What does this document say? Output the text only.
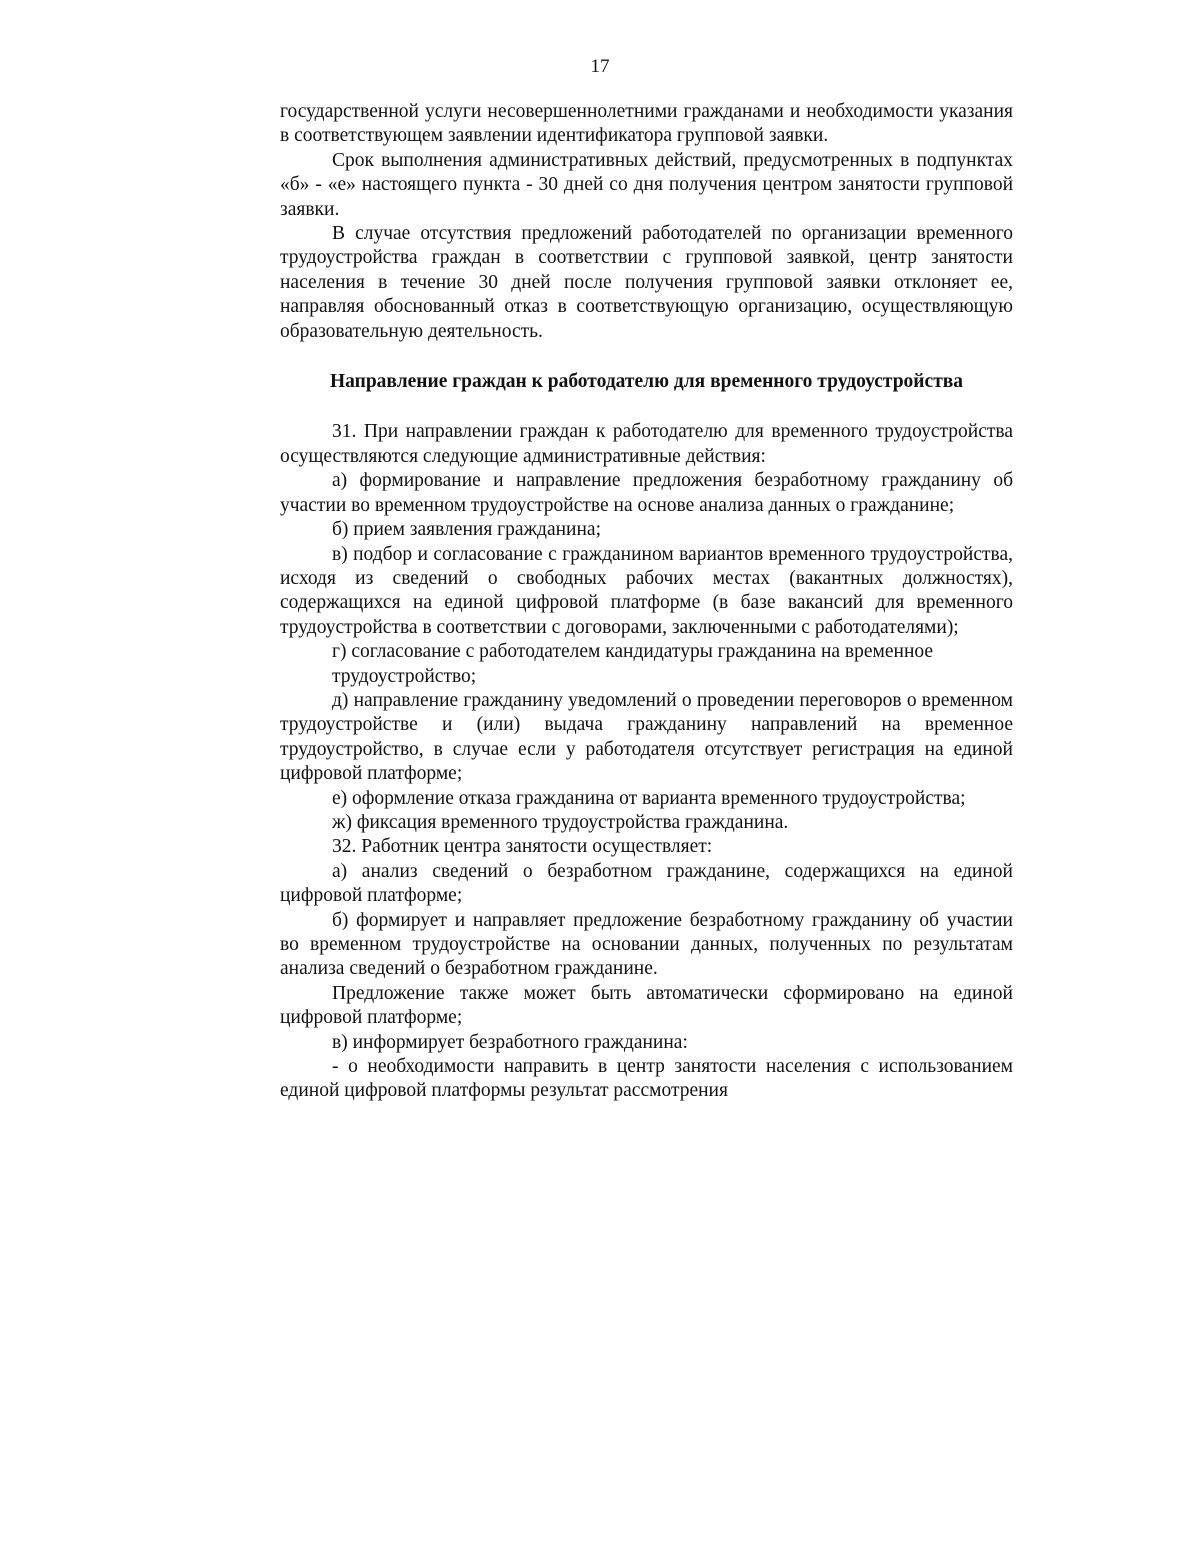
17

государственной услуги несовершеннолетними гражданами и необходимости указания в соответствующем заявлении идентификатора групповой заявки.

Срок выполнения административных действий, предусмотренных в подпунктах «б» - «е» настоящего пункта - 30 дней со дня получения центром занятости групповой заявки.

В случае отсутствия предложений работодателей по организации временного трудоустройства граждан в соответствии с групповой заявкой, центр занятости населения в течение 30 дней после получения групповой заявки отклоняет ее, направляя обоснованный отказ в соответствующую организацию, осуществляющую образовательную деятельность.

Направление граждан к работодателю для временного трудоустройства

31. При направлении граждан к работодателю для временного трудоустройства осуществляются следующие административные действия:

а) формирование и направление предложения безработному гражданину об участии во временном трудоустройстве на основе анализа данных о гражданине;

б) прием заявления гражданина;

в) подбор и согласование с гражданином вариантов временного трудоустройства, исходя из сведений о свободных рабочих местах (вакантных должностях), содержащихся на единой цифровой платформе (в базе вакансий для временного трудоустройства в соответствии с договорами, заключенными с работодателями);

г) согласование с работодателем кандидатуры гражданина на временное трудоустройство;

д) направление гражданину уведомлений о проведении переговоров о временном трудоустройстве и (или) выдача гражданину направлений на временное трудоустройство, в случае если у работодателя отсутствует регистрация на единой цифровой платформе;

е) оформление отказа гражданина от варианта временного трудоустройства;

ж) фиксация временного трудоустройства гражданина.

32. Работник центра занятости осуществляет:

а) анализ сведений о безработном гражданине, содержащихся на единой цифровой платформе;

б) формирует и направляет предложение безработному гражданину об участии во временном трудоустройстве на основании данных, полученных по результатам анализа сведений о безработном гражданине.

Предложение также может быть автоматически сформировано на единой цифровой платформе;

в) информирует безработного гражданина:

- о необходимости направить в центр занятости населения с использованием единой цифровой платформы результат рассмотрения
